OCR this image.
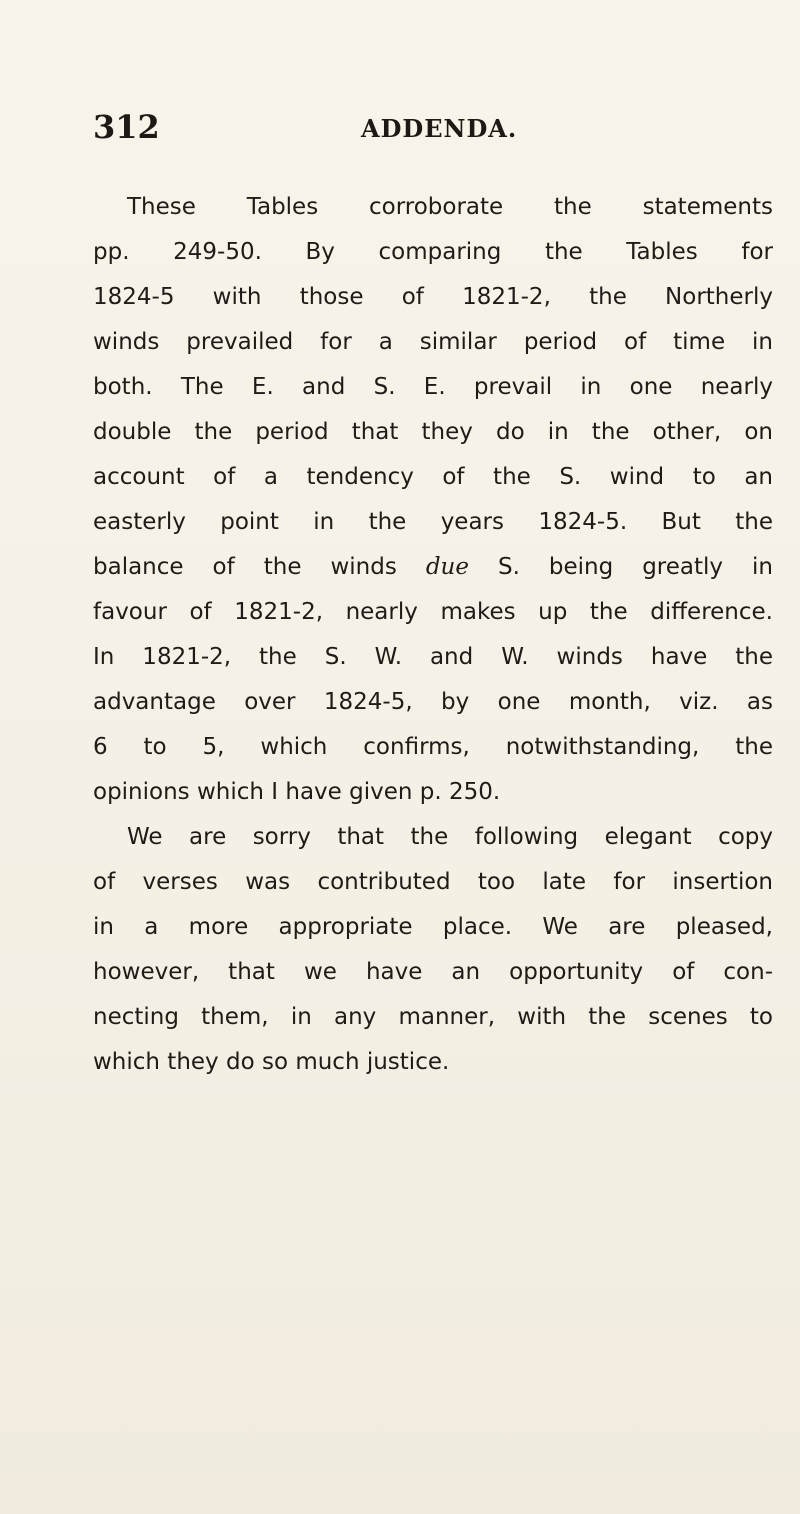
312	ADDENDA.
These Tables corroborate the statements
pp. 249-50. By comparing the Tables for
1824-5 with those of 1821-2, the Northerly
winds prevailed for a similar period of time in
both. The E. and S. E. prevail in one nearly
double the period that they do in the other, on
account of a tendency of the S. wind to an
easterly point in the years 1824-5. But the
balance of the winds due S. being greatly in
favour of 1821-2, nearly makes up the difference.
In 1821-2, the S. W. and W. winds have the
advantage over 1824-5, by one month, viz. as
6 to 5, which confirms, notwithstanding, the
opinions which I have given p. 250.
We are sorry that the following elegant copy
of verses was contributed too late for insertion
in a more appropriate place. We are pleased,
however, that we have an opportunity of con-
necting them, in any manner, with the scenes to
which they do so much justice.
